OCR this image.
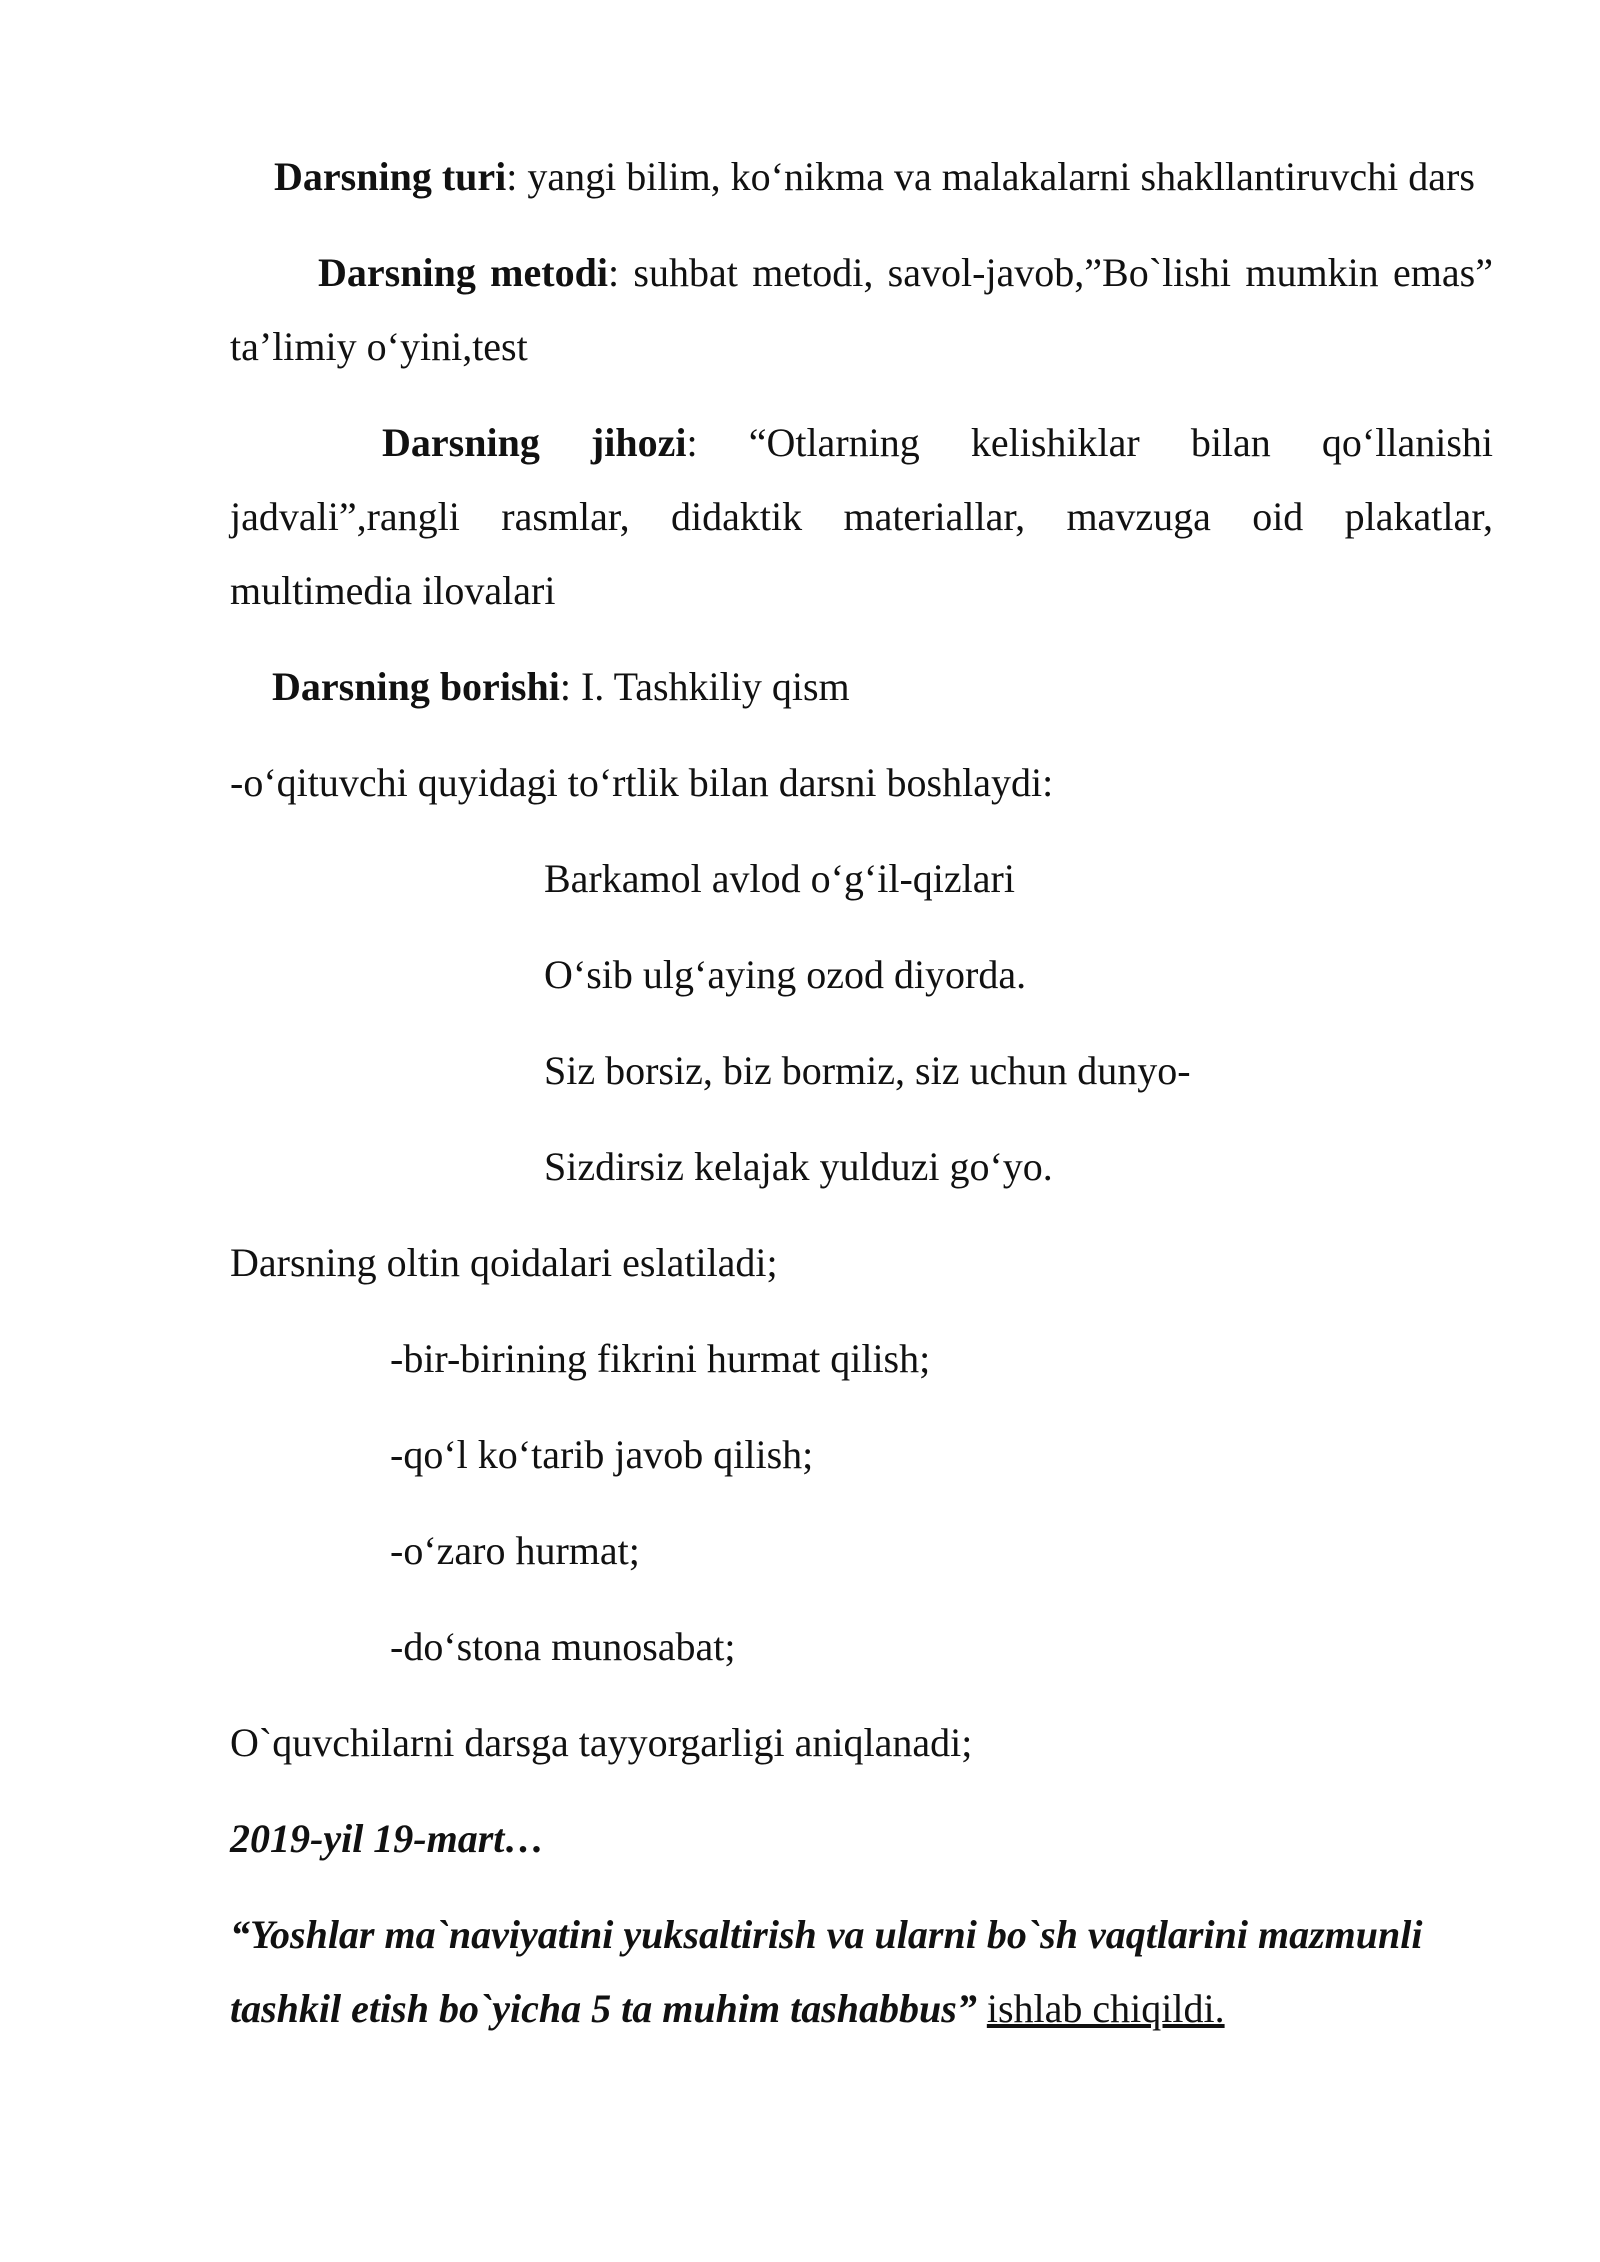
Darsning turi: yangi bilim, ko‘nikma va malakalarni shakllantiruvchi dars

Darsning metodi: suhbat metodi, savol-javob,”Bo`lishi mumkin emas” ta’limiy o‘yini,test

Darsning jihozi: “Otlarning kelishiklar bilan qo‘llanishi jadvali”,rangli rasmlar, didaktik materiallar, mavzuga oid plakatlar, multimedia ilovalari

Darsning borishi: I. Tashkiliy qism

-o‘qituvchi quyidagi to‘rtlik bilan darsni boshlaydi:

Barkamol avlod o‘g‘il-qizlari

O‘sib ulg‘aying ozod diyorda.

Siz borsiz, biz bormiz, siz uchun dunyo-

Sizdirsiz kelajak yulduzi go‘yo.

Darsning oltin qoidalari eslatiladi;

-bir-birining fikrini hurmat qilish;

-qo‘l ko‘tarib javob qilish;

-o‘zaro hurmat;

-do‘stona munosabat;

O`quvchilarni darsga tayyorgarligi aniqlanadi;

2019-yil 19-mart…

“Yoshlar ma`naviyatini yuksaltirish va ularni bo`sh vaqtlarini mazmunli tashkil etish bo`yicha 5 ta muhim tashabbus” ishlab chiqildi.
